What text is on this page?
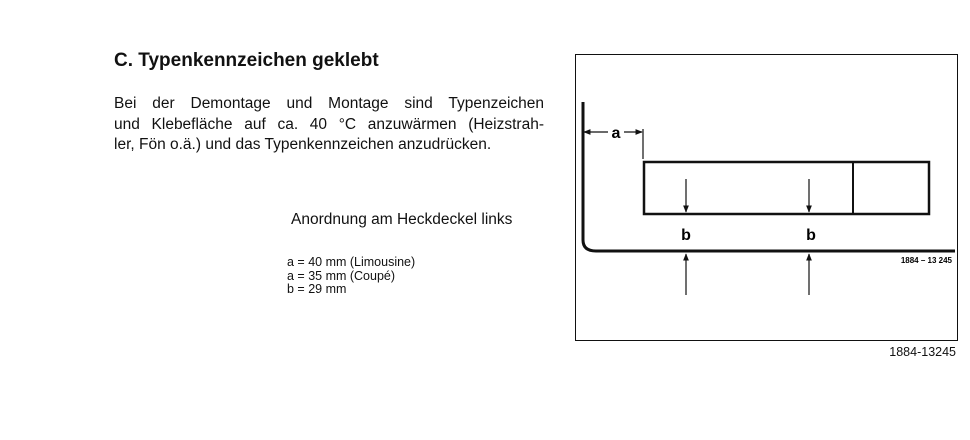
C. Typenkennzeichen geklebt

Bei der Demontage und Montage sind Typenzeichen
und Klebefläche auf ca. 40 °C anzuwärmen (Heizstrah-
ler, Fön o.ä.) und das Typenkennzeichen anzudrücken.

Anordnung am Heckdeckel links
a = 40 mm (Limousine)
a = 35 mm (Coupé)
b = 29 mm
a
b	b
1884 – 13 245
1884-13245
